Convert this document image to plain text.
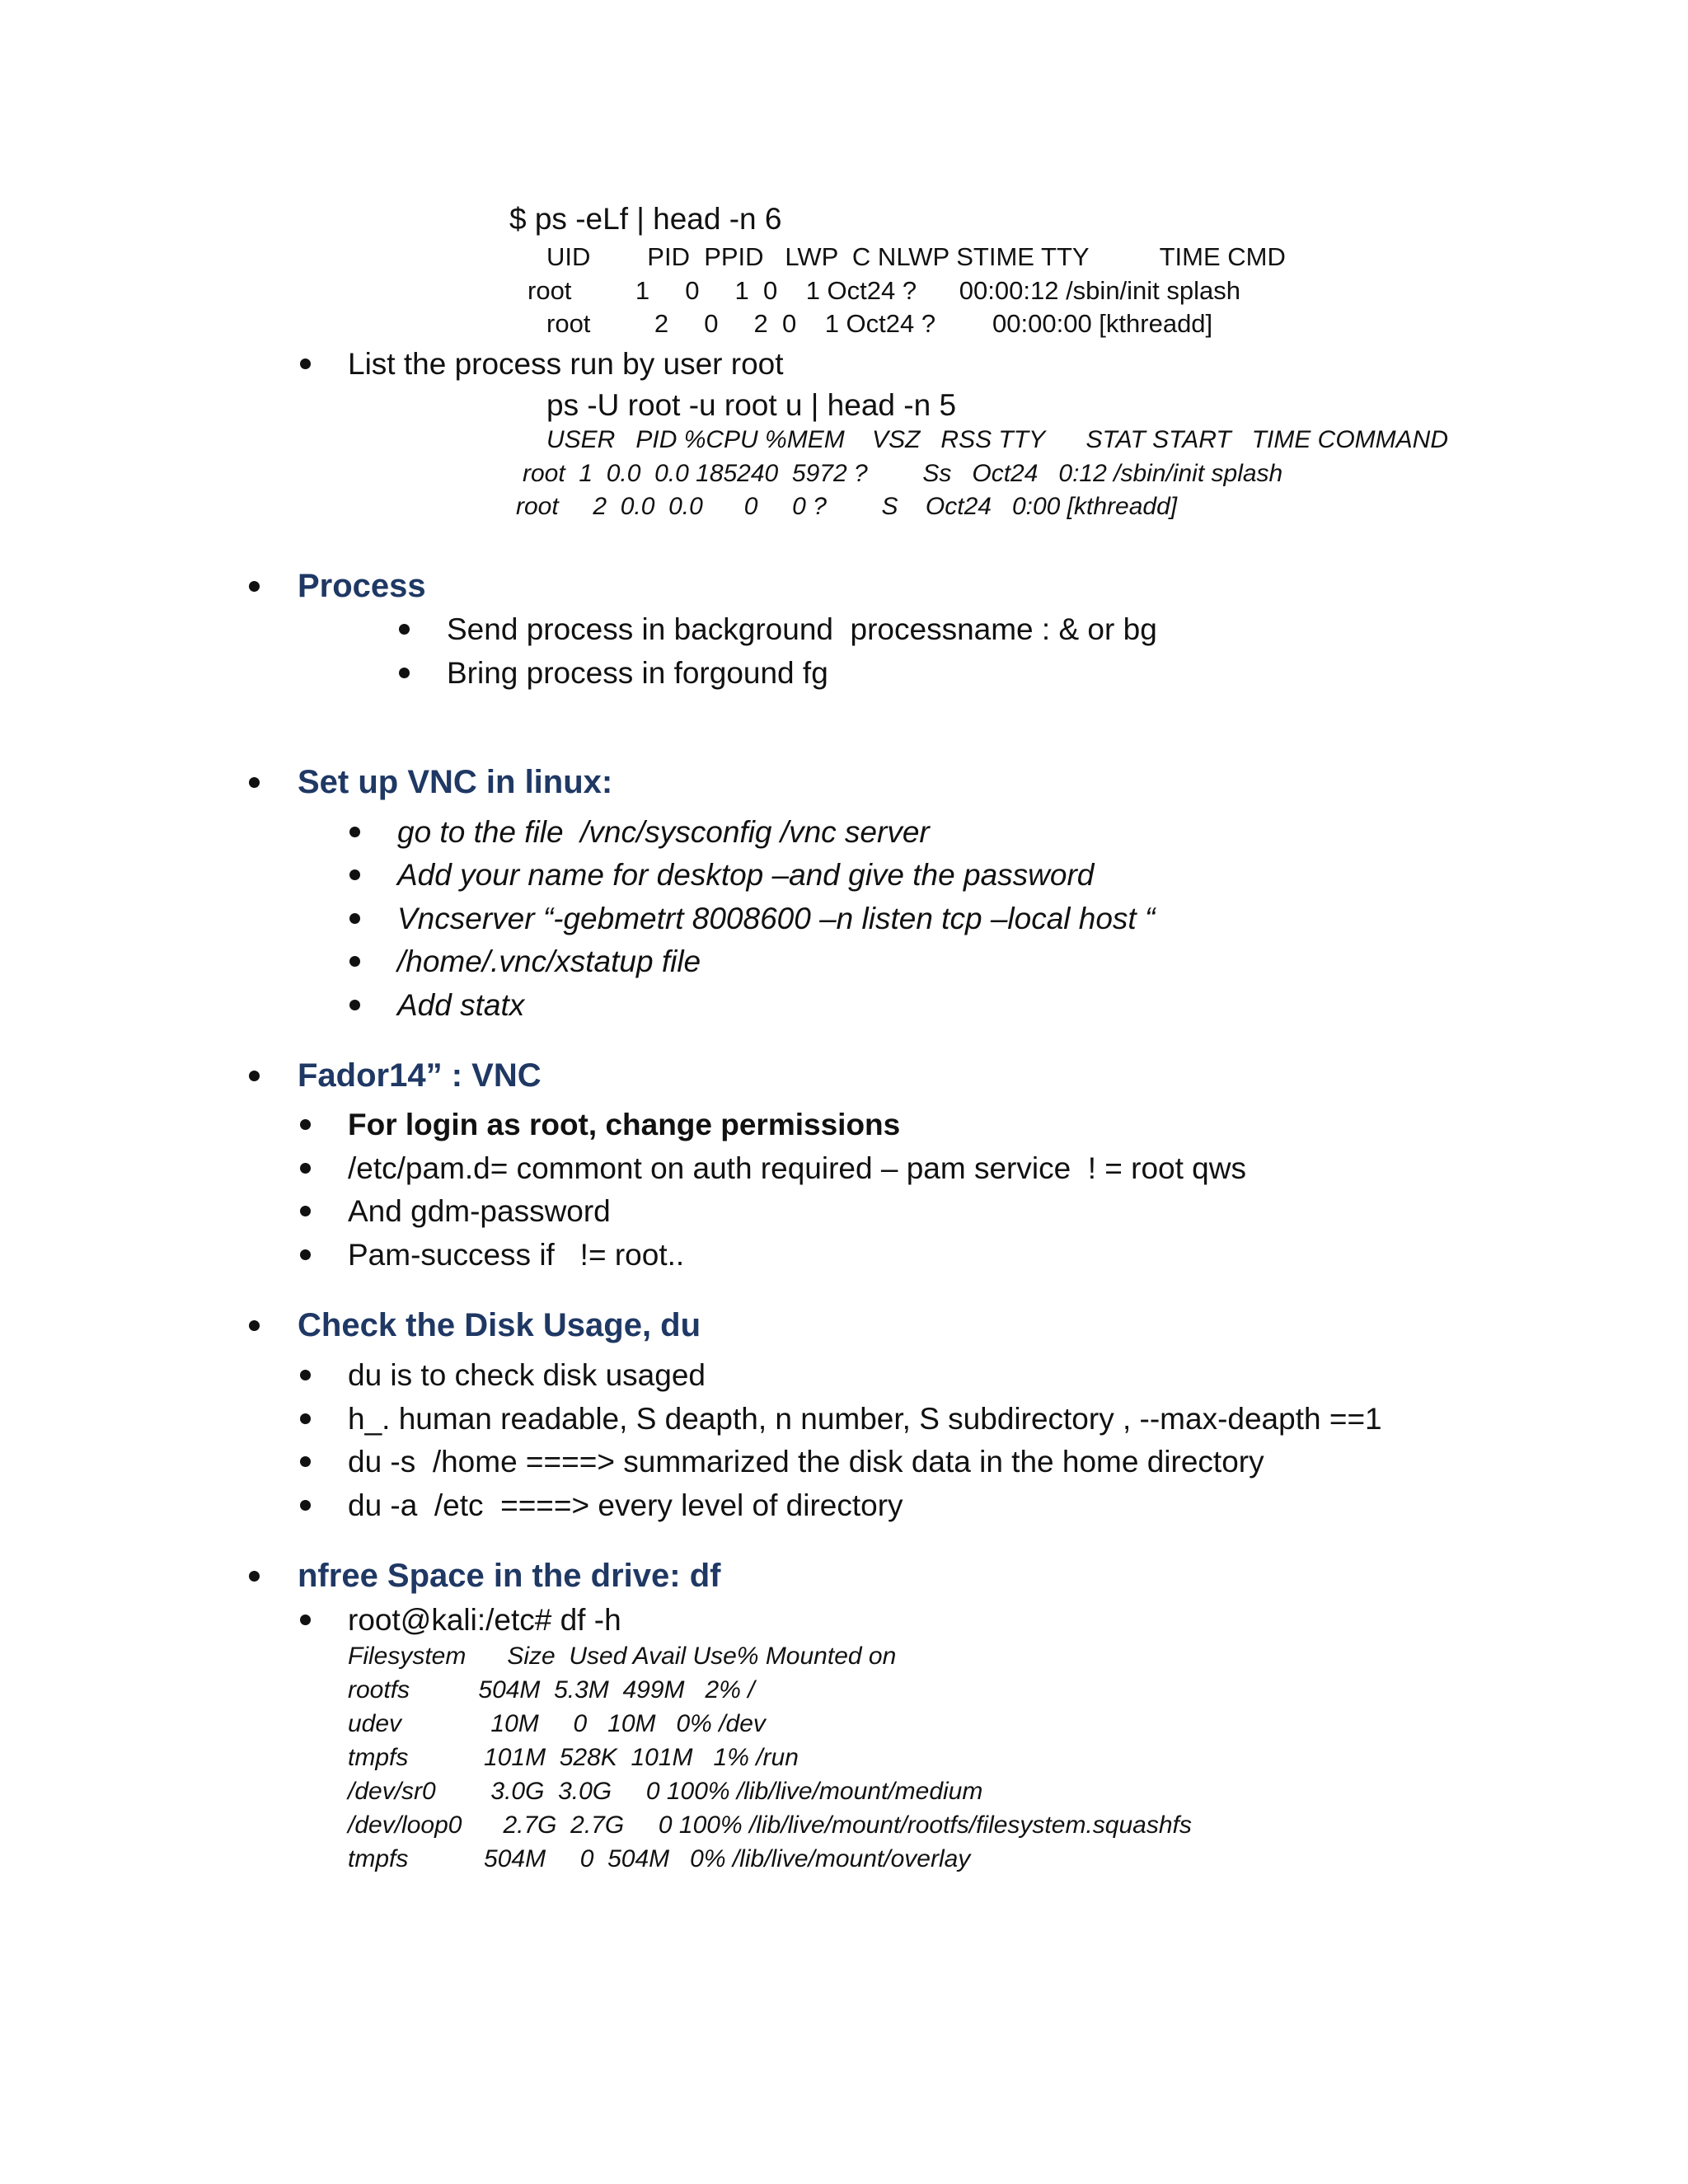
$ ps -eLf | head -n 6
UID        PID  PPID   LWP  C NLWP STIME TTY          TIME CMD
root         1     0     1  0    1 Oct24 ?      00:00:12 /sbin/init splash
root         2     0     2  0    1 Oct24 ?        00:00:00 [kthreadd]
List the process run by user root
ps -U root -u root u | head -n 5
USER   PID %CPU %MEM    VSZ   RSS TTY      STAT START   TIME COMMAND
root  1  0.0  0.0 185240  5972 ?        Ss   Oct24   0:12 /sbin/init splash
root     2  0.0  0.0      0     0 ?        S    Oct24   0:00 [kthreadd]
Process
Send process in background  processname : & or bg
Bring process in forgound fg
Set up VNC in linux:
go to the file  /vnc/sysconfig /vnc server
Add your name for desktop –and give the password
Vncserver “-gebmetrt 8008600 –n listen tcp –local host “
/home/.vnc/xstatup file
Add statx
Fador14” : VNC
For login as root, change permissions
/etc/pam.d= commont on auth required – pam service  ! = root qws
And gdm-password
Pam-success if   != root..
Check the Disk Usage, du
du is to check disk usaged
h_. human readable, S deapth, n number, S subdirectory , --max-deapth ==1
du -s  /home ====> summarized the disk data in the home directory
du -a  /etc  ====> every level of directory
nfree Space in the drive: df
root@kali:/etc# df -h
Filesystem      Size  Used Avail Use% Mounted on
rootfs          504M  5.3M  499M   2% /
udev             10M     0   10M   0% /dev
tmpfs           101M  528K  101M   1% /run
/dev/sr0        3.0G  3.0G     0 100% /lib/live/mount/medium
/dev/loop0      2.7G  2.7G     0 100% /lib/live/mount/rootfs/filesystem.squashfs
tmpfs           504M     0  504M   0% /lib/live/mount/overlay
